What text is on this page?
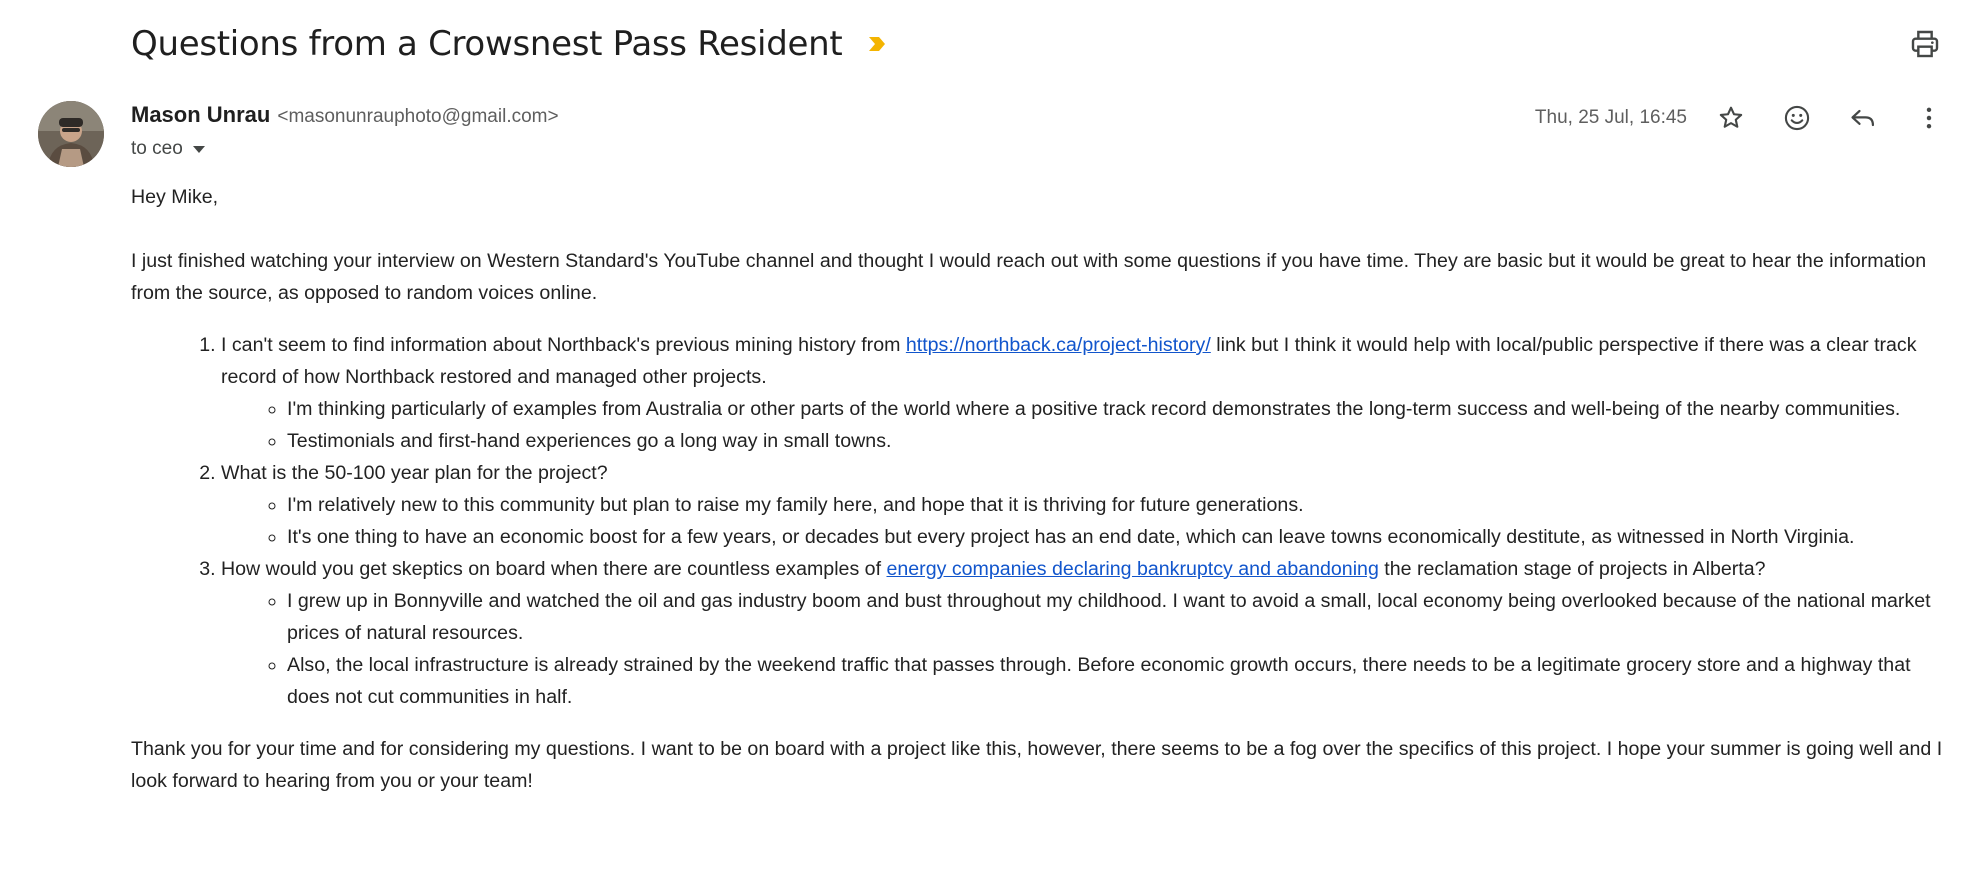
Questions from a Crowsnest Pass Resident
Mason Unrau <masonunrauphoto@gmail.com>
to ceo
Thu, 25 Jul, 16:45

Hey Mike,

I just finished watching your interview on Western Standard's YouTube channel and thought I would reach out with some questions if you have time. They are basic but it would be great to hear the information from the source, as opposed to random voices online.

1. I can't seem to find information about Northback's previous mining history from https://northback.ca/project-history/ link but I think it would help with local/public perspective if there was a clear track record of how Northback restored and managed other projects.
◦ I'm thinking particularly of examples from Australia or other parts of the world where a positive track record demonstrates the long-term success and well-being of the nearby communities.
◦ Testimonials and first-hand experiences go a long way in small towns.
2. What is the 50-100 year plan for the project?
◦ I'm relatively new to this community but plan to raise my family here, and hope that it is thriving for future generations.
◦ It's one thing to have an economic boost for a few years, or decades but every project has an end date, which can leave towns economically destitute, as witnessed in North Virginia.
3. How would you get skeptics on board when there are countless examples of energy companies declaring bankruptcy and abandoning the reclamation stage of projects in Alberta?
◦ I grew up in Bonnyville and watched the oil and gas industry boom and bust throughout my childhood. I want to avoid a small, local economy being overlooked because of the national market prices of natural resources.
◦ Also, the local infrastructure is already strained by the weekend traffic that passes through. Before economic growth occurs, there needs to be a legitimate grocery store and a highway that does not cut communities in half.

Thank you for your time and for considering my questions. I want to be on board with a project like this, however, there seems to be a fog over the specifics of this project. I hope your summer is going well and I look forward to hearing from you or your team!
